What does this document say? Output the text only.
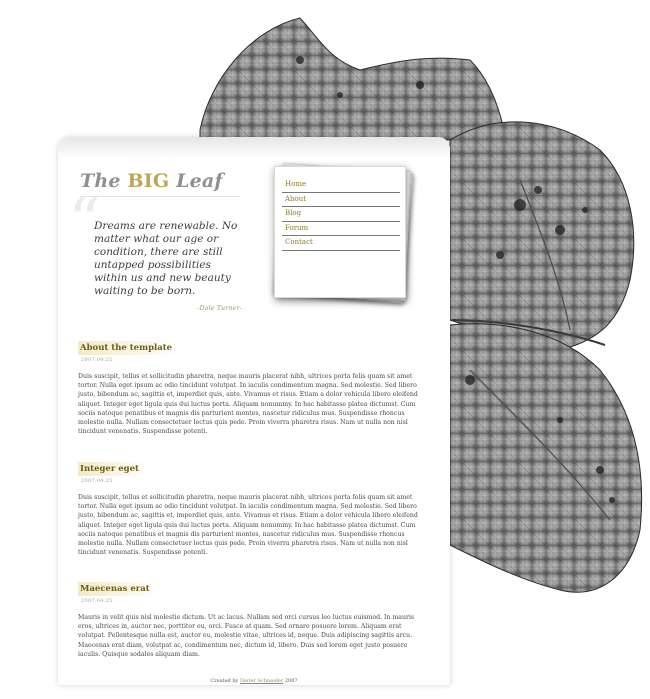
The BIG Leaf
“

Dreams are renewable. No matter what our age or condition, there are still untapped possibilities within us and new beauty waiting to be born.

-Dale Turner-
Home
About
Blog
Forum
Contact
About the template
2007.04.25

Duis suscipit, tellus et sollicitudin pharetra, neque mauris placerat nibh, ultrices porta felis quam sit amet tortor. Nulla eget ipsum ac odio tincidunt volutpat. In iaculis condimentum magna. Sed molestie. Sed libero justo, bibendum ac, sagittis et, imperdiet quis, ante. Vivamus et risus. Etiam a dolor vehicula libero eleifend aliquet. Integer eget ligula quis dui luctus porta. Aliquam nonummy. In hac habitasse platea dictumst. Cum sociis natoque penatibus et magnis dis parturient montes, nascetur ridiculus mus. Suspendisse rhoncus molestie nulla. Nullam consectetuer lectus quis pede. Proin viverra pharetra risus. Nam ut nulla non nisl tincidunt venenatis. Suspendisse potenti.

Integer eget
2007.04.25

Duis suscipit, tellus et sollicitudin pharetra, neque mauris placerat nibh, ultrices porta felis quam sit amet tortor. Nulla eget ipsum ac odio tincidunt volutpat. In iaculis condimentum magna. Sed molestie. Sed libero justo, bibendum ac, sagittis et, imperdiet quis, ante. Vivamus et risus. Etiam a dolor vehicula libero eleifend aliquet. Integer eget ligula quis dui luctus porta. Aliquam nonummy. In hac habitasse platea dictumst. Cum sociis natoque penatibus et magnis dis parturient montes, nascetur ridiculus mus. Suspendisse rhoncus molestie nulla. Nullam consectetuer lectus quis pede. Proin viverra pharetra risus. Nam ut nulla non nisl tincidunt venenatis. Suspendisse potenti.

Maecenas erat
2007.04.25

Mauris in velit quis nisl molestie dictum. Ut ac lacus. Nullam sed orci cursus leo luctus euismod. In mauris eros, ultrices in, auctor nec, porttitor eu, orci. Fusce at quam. Sed ornare posuere lorem. Aliquam erat volutpat. Pellentesque nulla est, auctor eu, molestie vitae, ultrices id, neque. Duis adipiscing sagittis arcu. Maecenas erat diam, volutpat ac, condimentum nec, dictum id, libero. Duis sed lorem eget justo posuere iaculis. Quisque sodales aliquam diam.

Created by Dieter Schneider 2007
